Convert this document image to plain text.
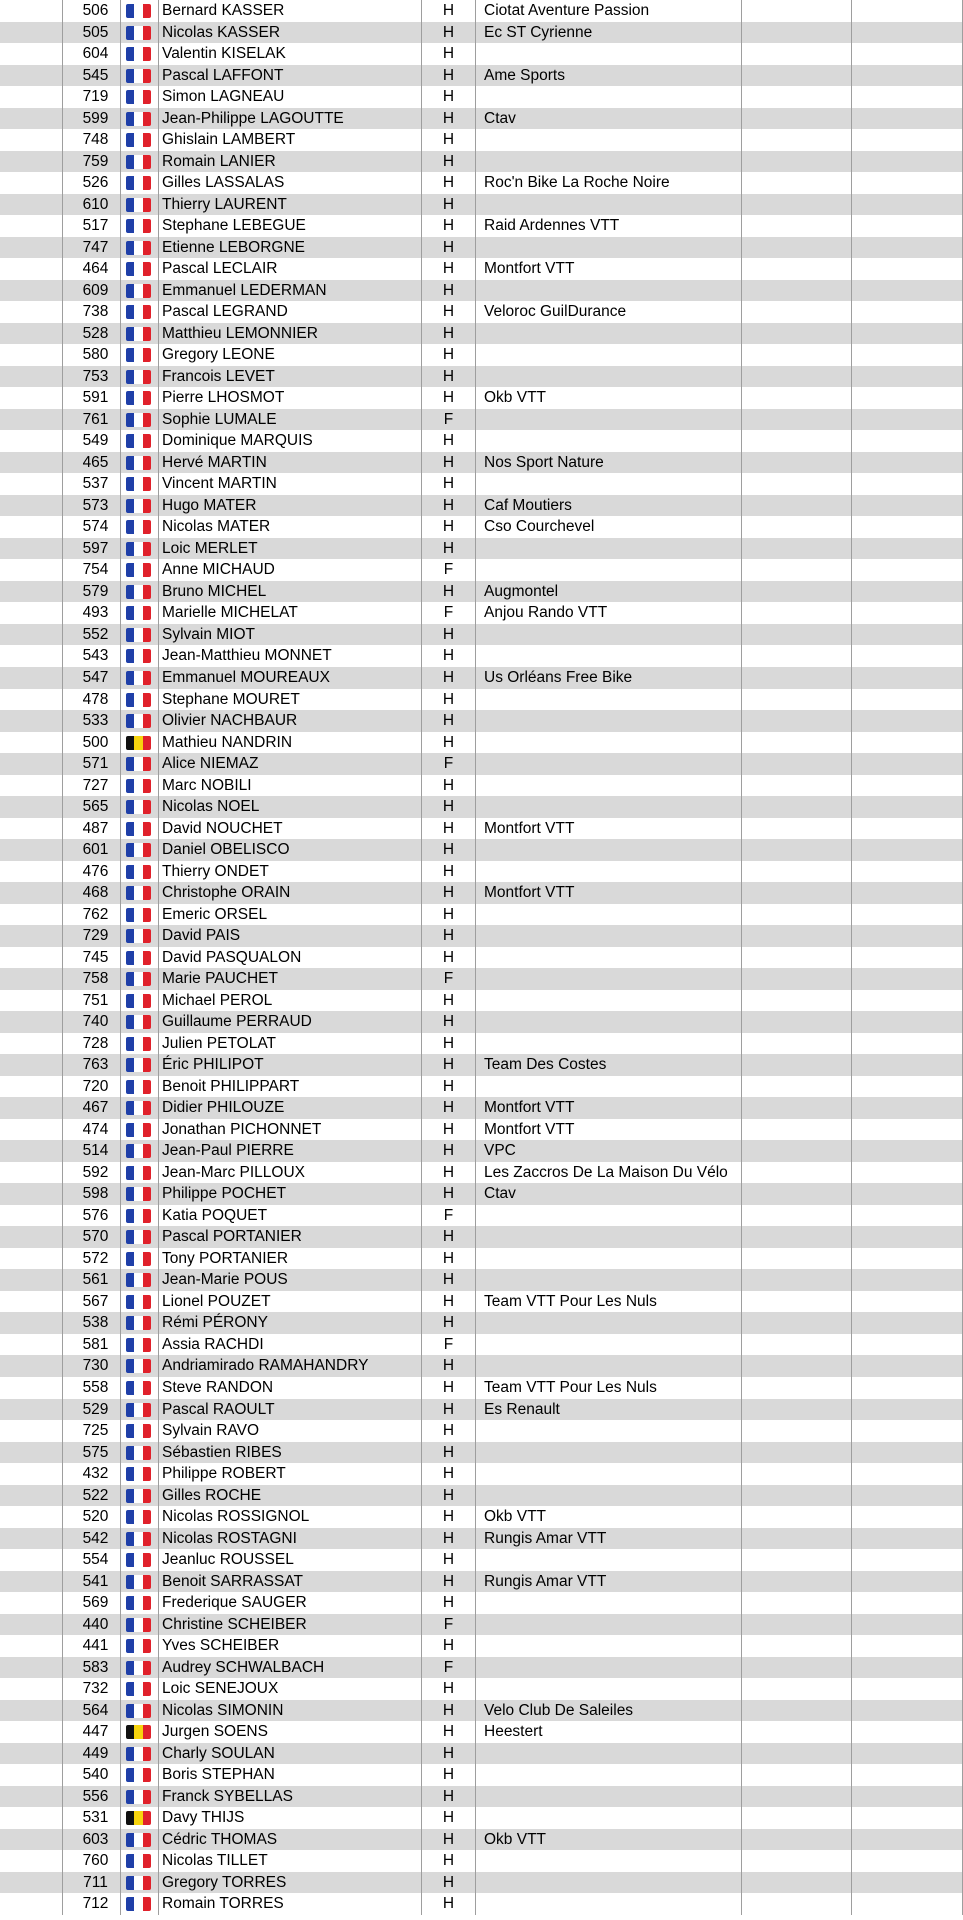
506	Bernard KASSER	H	Ciotat Aventure Passion
505	Nicolas KASSER	H	Ec ST Cyrienne
604	Valentin KISELAK	H
545	Pascal LAFFONT	H	Ame Sports
719	Simon LAGNEAU	H
599	Jean-Philippe LAGOUTTE	H	Ctav
748	Ghislain LAMBERT	H
759	Romain LANIER	H
526	Gilles LASSALAS	H	Roc'n Bike La Roche Noire
610	Thierry LAURENT	H
517	Stephane LEBEGUE	H	Raid Ardennes VTT
747	Etienne LEBORGNE	H
464	Pascal LECLAIR	H	Montfort VTT
609	Emmanuel LEDERMAN	H
738	Pascal LEGRAND	H	Veloroc GuilDurance
528	Matthieu LEMONNIER	H
580	Gregory LEONE	H
753	Francois LEVET	H
591	Pierre LHOSMOT	H	Okb VTT
761	Sophie LUMALE	F
549	Dominique MARQUIS	H
465	Hervé MARTIN	H	Nos Sport Nature
537	Vincent MARTIN	H
573	Hugo MATER	H	Caf Moutiers
574	Nicolas MATER	H	Cso Courchevel
597	Loic MERLET	H
754	Anne MICHAUD	F
579	Bruno MICHEL	H	Augmontel
493	Marielle MICHELAT	F	Anjou Rando VTT
552	Sylvain MIOT	H
543	Jean-Matthieu MONNET	H
547	Emmanuel MOUREAUX	H	Us Orléans Free Bike
478	Stephane MOURET	H
533	Olivier NACHBAUR	H
500	Mathieu NANDRIN	H
571	Alice NIEMAZ	F
727	Marc NOBILI	H
565	Nicolas NOEL	H
487	David NOUCHET	H	Montfort VTT
601	Daniel OBELISCO	H
476	Thierry ONDET	H
468	Christophe ORAIN	H	Montfort VTT
762	Emeric ORSEL	H
729	David PAIS	H
745	David PASQUALON	H
758	Marie PAUCHET	F
751	Michael PEROL	H
740	Guillaume PERRAUD	H
728	Julien PETOLAT	H
763	Éric PHILIPOT	H	Team Des Costes
720	Benoit PHILIPPART	H
467	Didier PHILOUZE	H	Montfort VTT
474	Jonathan PICHONNET	H	Montfort VTT
514	Jean-Paul PIERRE	H	VPC
592	Jean-Marc PILLOUX	H	Les Zaccros De La Maison Du Vélo
598	Philippe POCHET	H	Ctav
576	Katia POQUET	F
570	Pascal PORTANIER	H
572	Tony PORTANIER	H
561	Jean-Marie POUS	H
567	Lionel POUZET	H	Team VTT Pour Les Nuls
538	Rémi PÉRONY	H
581	Assia RACHDI	F
730	Andriamirado RAMAHANDRY	H
558	Steve RANDON	H	Team VTT Pour Les Nuls
529	Pascal RAOULT	H	Es Renault
725	Sylvain RAVO	H
575	Sébastien RIBES	H
432	Philippe ROBERT	H
522	Gilles ROCHE	H
520	Nicolas ROSSIGNOL	H	Okb VTT
542	Nicolas ROSTAGNI	H	Rungis Amar VTT
554	Jeanluc ROUSSEL	H
541	Benoit SARRASSAT	H	Rungis Amar VTT
569	Frederique SAUGER	H
440	Christine SCHEIBER	F
441	Yves SCHEIBER	H
583	Audrey SCHWALBACH	F
732	Loic SENEJOUX	H
564	Nicolas SIMONIN	H	Velo Club De Saleiles
447	Jurgen SOENS	H	Heestert
449	Charly SOULAN	H
540	Boris STEPHAN	H
556	Franck SYBELLAS	H
531	Davy THIJS	H
603	Cédric THOMAS	H	Okb VTT
760	Nicolas TILLET	H
711	Gregory TORRES	H
712	Romain TORRES	H
